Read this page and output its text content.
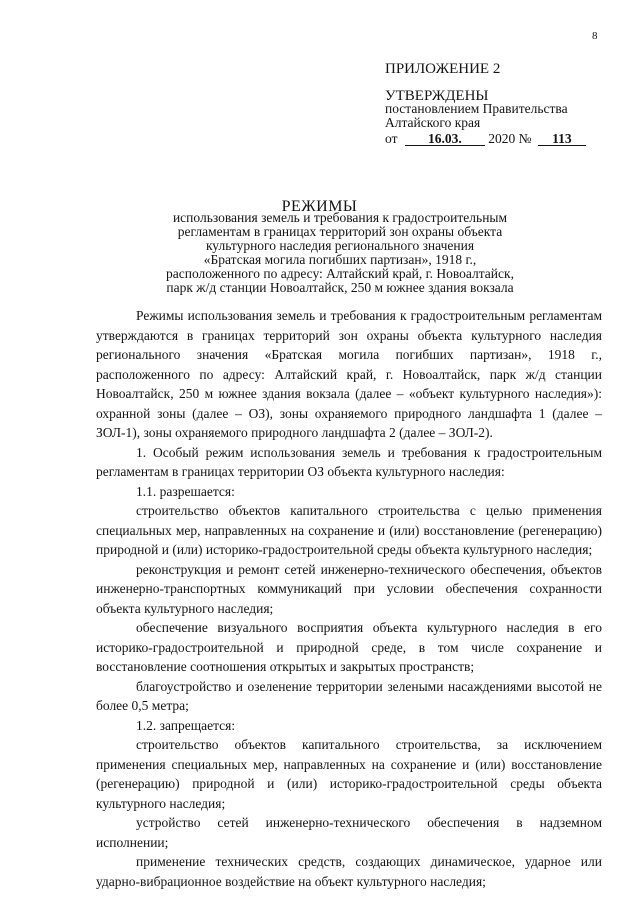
8
ПРИЛОЖЕНИЕ 2
УТВЕРЖДЕНЫ
постановлением Правительства
Алтайского края
от 16.03. 2020 № 113
РЕЖИМЫ
использования земель и требования к градостроительным
регламентам в границах территорий зон охраны объекта
культурного наследия регионального значения
«Братская могила погибших партизан», 1918 г.,
расположенного по адресу: Алтайский край, г. Новоалтайск,
парк ж/д станции Новоалтайск, 250 м южнее здания вокзала

Режимы использования земель и требования к градостроительным регламентам утверждаются в границах территорий зон охраны объекта культурного наследия регионального значения «Братская могила погибших партизан», 1918 г., расположенного по адресу: Алтайский край, г. Новоалтайск, парк ж/д станции Новоалтайск, 250 м южнее здания вокзала (далее – «объект культурного наследия»): охранной зоны (далее – ОЗ), зоны охраняемого природного ландшафта 1 (далее – ЗОЛ-1), зоны охраняемого природного ландшафта 2 (далее – ЗОЛ-2).

1. Особый режим использования земель и требования к градостроительным регламентам в границах территории ОЗ объекта культурного наследия:

1.1. разрешается:

строительство объектов капитального строительства с целью применения специальных мер, направленных на сохранение и (или) восстановление (регенерацию) природной и (или) историко-градостроительной среды объекта культурного наследия;

реконструкция и ремонт сетей инженерно-технического обеспечения, объектов инженерно-транспортных коммуникаций при условии обеспечения сохранности объекта культурного наследия;

обеспечение визуального восприятия объекта культурного наследия в его историко-градостроительной и природной среде, в том числе сохранение и восстановление соотношения открытых и закрытых пространств;

благоустройство и озеленение территории зелеными насаждениями высотой не более 0,5 метра;

1.2. запрещается:

строительство объектов капитального строительства, за исключением применения специальных мер, направленных на сохранение и (или) восстановление (регенерацию) природной и (или) историко-градостроительной среды объекта культурного наследия;

устройство сетей инженерно-технического обеспечения в надземном исполнении;

применение технических средств, создающих динамическое, ударное или ударно-вибрационное воздействие на объект культурного наследия;
